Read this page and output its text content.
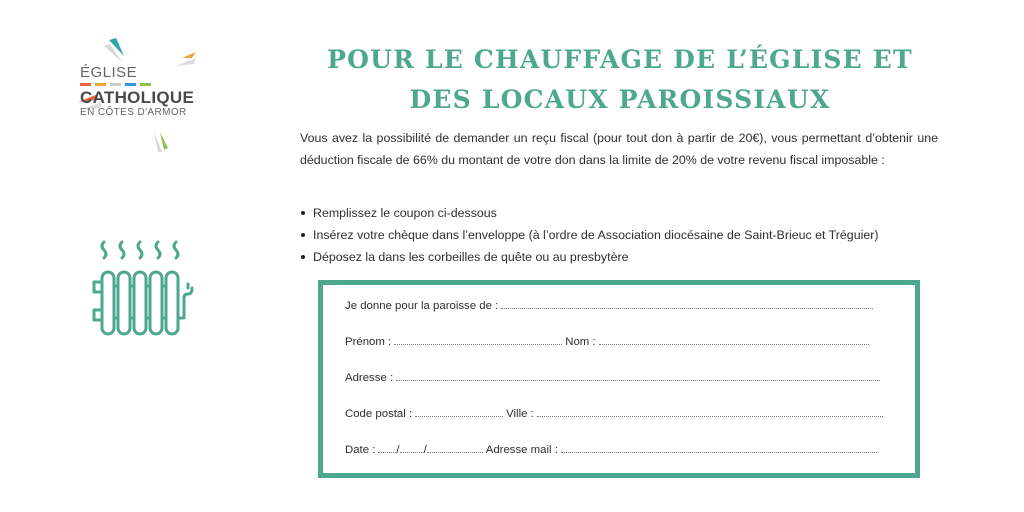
ÉGLISE
CATHOLIQUE
EN CÔTES D'ARMOR
POUR LE CHAUFFAGE DE L’ÉGLISE ET
DES LOCAUX PAROISSIAUX

Vous avez la possibilité de demander un reçu fiscal (pour tout don à partir de 20€), vous permettant d’obtenir une déduction fiscale de 66% du montant de votre don dans la limite de 20% de votre revenu fiscal imposable :

Remplissez le coupon ci-dessous
Insérez votre chèque dans l’enveloppe (à l’ordre de Association diocésaine de Saint-Brieuc et Tréguier)
Déposez la dans les corbeilles de quête ou au presbytère
Je donne pour la paroisse de :
Prénom :	Nom :
Adresse :
Code postal :	Ville :
Date : / /	Adresse mail :
